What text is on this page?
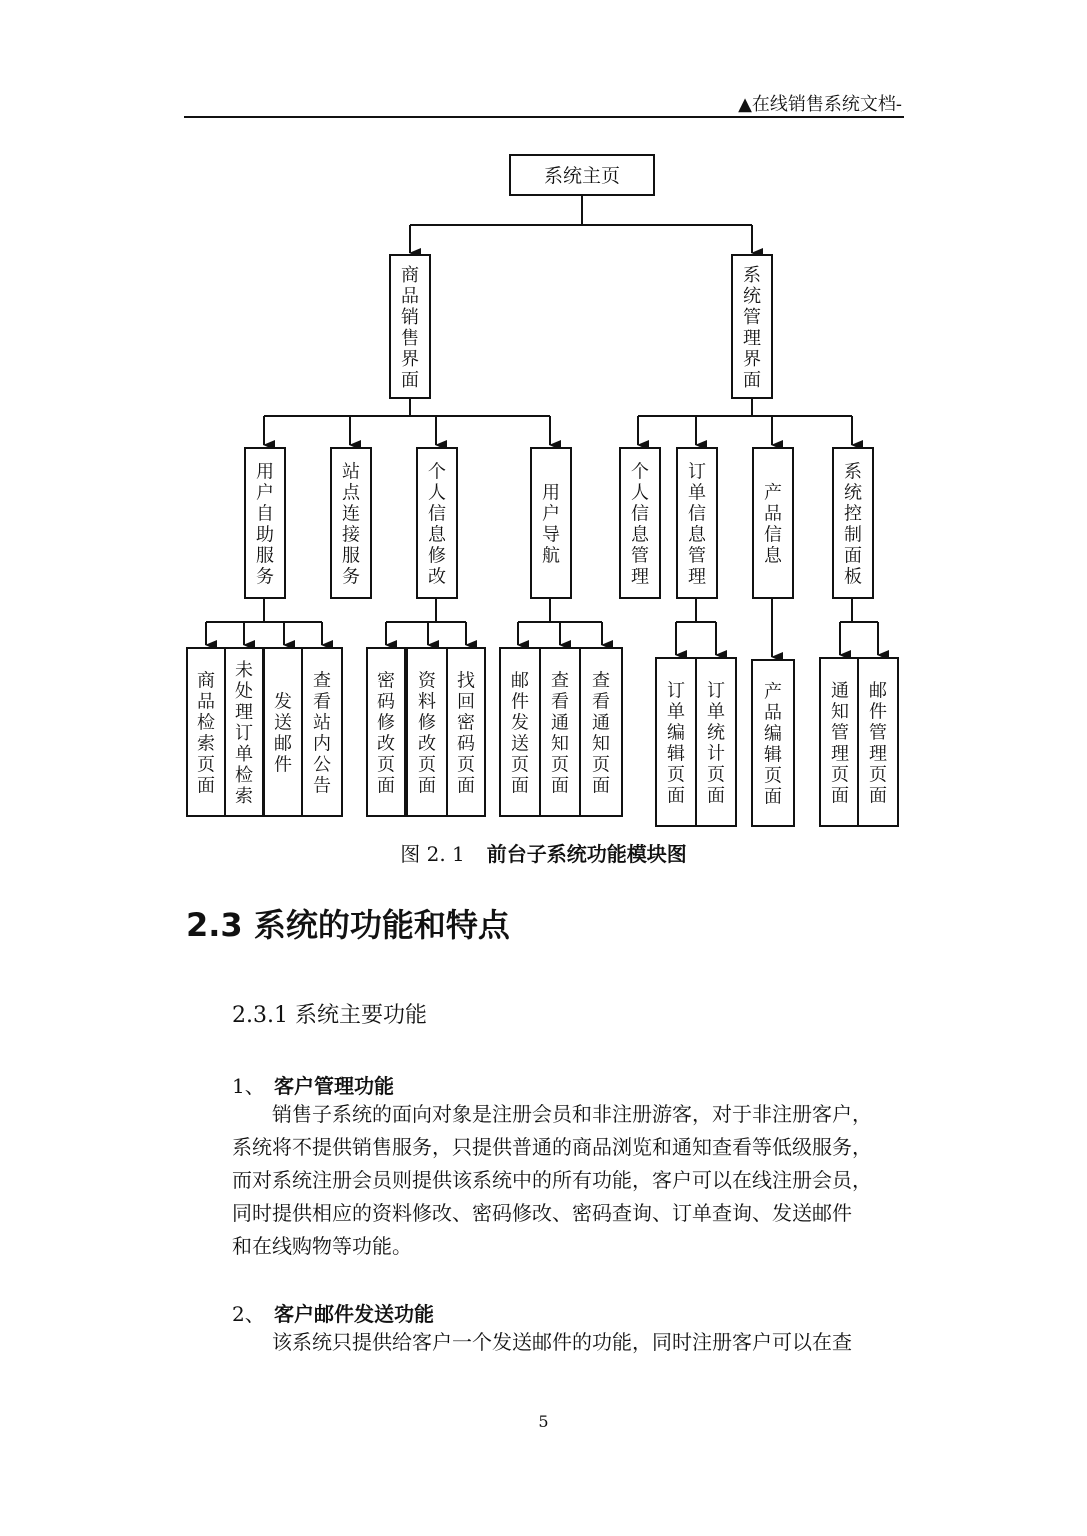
▲在线销售系统文档-
系统主页
商品销售界面
系统管理界面
用户自助服务
站点连接服务
个人信息修改
用户导航
个人信息管理
订单信息管理
产品信息
系统控制面板
商品检索页面
未处理订单检索
发送邮件
查看站内公告
密码修改页面
资料修改页面
找回密码页面
邮件发送页面
查看通知页面
查看通知页面
订单编辑页面
订单统计页面
产品编辑页面
通知管理页面
邮件管理页面
图 2. 1 前台子系统功能模块图
2.3 系统的功能和特点
2.3.1 系统主要功能
1、 客户管理功能
　　销售子系统的面向对象是注册会员和非注册游客，对于非注册客户，
系统将不提供销售服务，只提供普通的商品浏览和通知查看等低级服务，
而对系统注册会员则提供该系统中的所有功能，客户可以在线注册会员，
同时提供相应的资料修改、密码修改、密码查询、订单查询、发送邮件
和在线购物等功能。
2、 客户邮件发送功能
　　该系统只提供给客户一个发送邮件的功能，同时注册客户可以在查
5
